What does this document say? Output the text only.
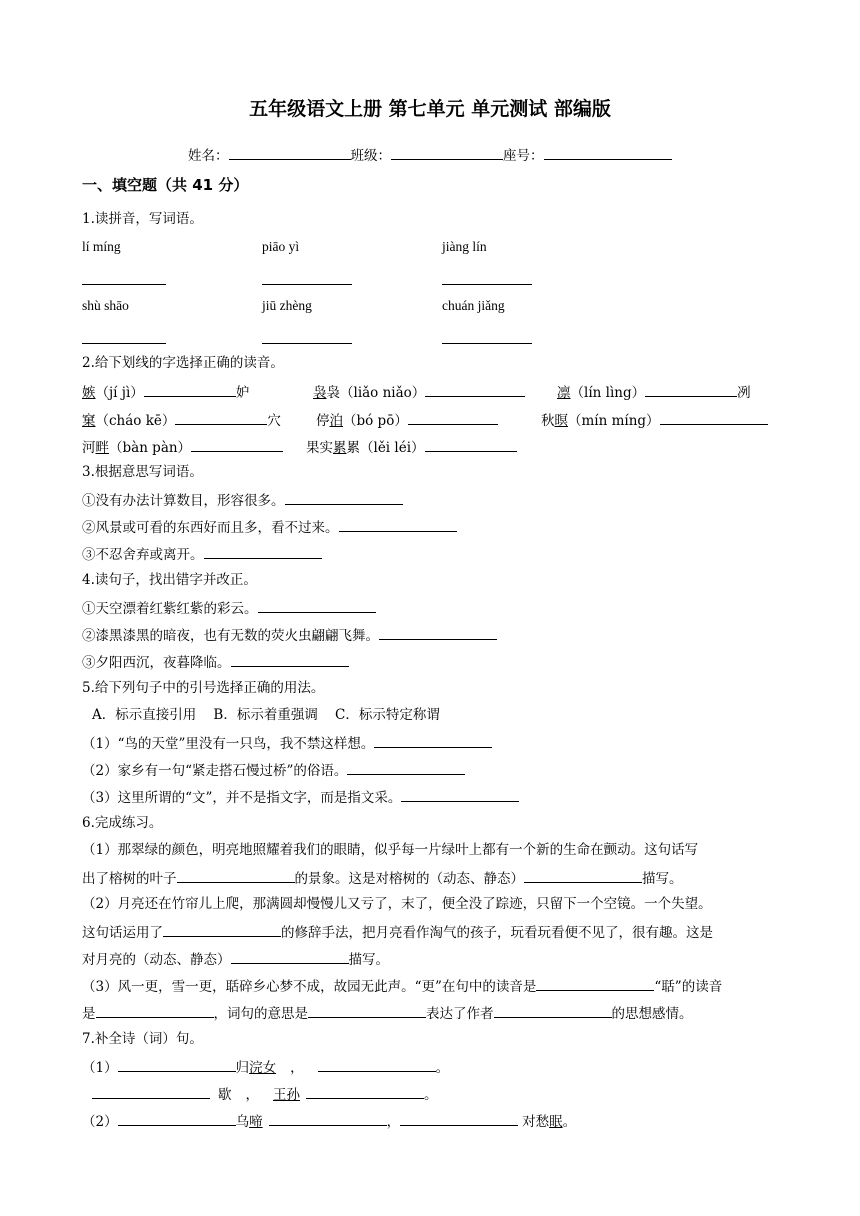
五年级语文上册 第七单元 单元测试 部编版
姓名：	班级：	座号：
一、填空题（共 41 分）
1.读拼音，写词语。
lí míng	piāo yì	jiàng lín
shù shāo	jiū zhèng	chuán jiǎng
2.给下划线的字选择正确的读音。
嫉（jí jì）	妒	袅袅（liǎo niǎo）	凛（lín lìng）	冽
窠（cháo kē）	穴	停泊（bó pō）	秋暝（mín míng）
河畔（bàn pàn）	果实累累（lěi léi）
3.根据意思写词语。
①没有办法计算数目，形容很多。
②风景或可看的东西好而且多，看不过来。
③不忍舍弃或离开。
4.读句子，找出错字并改正。
①天空漂着红紫红紫的彩云。
②漆黑漆黑的暗夜，也有无数的荧火虫翩翩飞舞。
③夕阳西沉，夜暮降临。
5.给下列句子中的引号选择正确的用法。
A．标示直接引用    B．标示着重强调    C．标示特定称谓
（1）“鸟的天堂”里没有一只鸟，我不禁这样想。
（2）家乡有一句“紧走搭石慢过桥”的俗语。
（3）这里所谓的“文”，并不是指文字，而是指文采。
6.完成练习。
（1）那翠绿的颜色，明亮地照耀着我们的眼睛，似乎每一片绿叶上都有一个新的生命在颤动。这句话写
出了榕树的叶子	的景象。这是对榕树的（动态、静态）	描写。
（2）月亮还在竹帘儿上爬，那满圆却慢慢儿又亏了，末了，便全没了踪迹，只留下一个空镜。一个失望。
这句话运用了	的修辞手法，把月亮看作淘气的孩子，玩看玩看便不见了，很有趣。这是
对月亮的（动态、静态）	描写。
（3）风一更，雪一更，聒碎乡心梦不成，故园无此声。“更”在句中的读音是	“聒”的读音
是	，词句的意思是	表达了作者	的思想感情。
7.补全诗（词）句。
（1）	归浣女 ，	。
歇 ， 王孙	。
（2）	乌啼	，	对愁眠。
